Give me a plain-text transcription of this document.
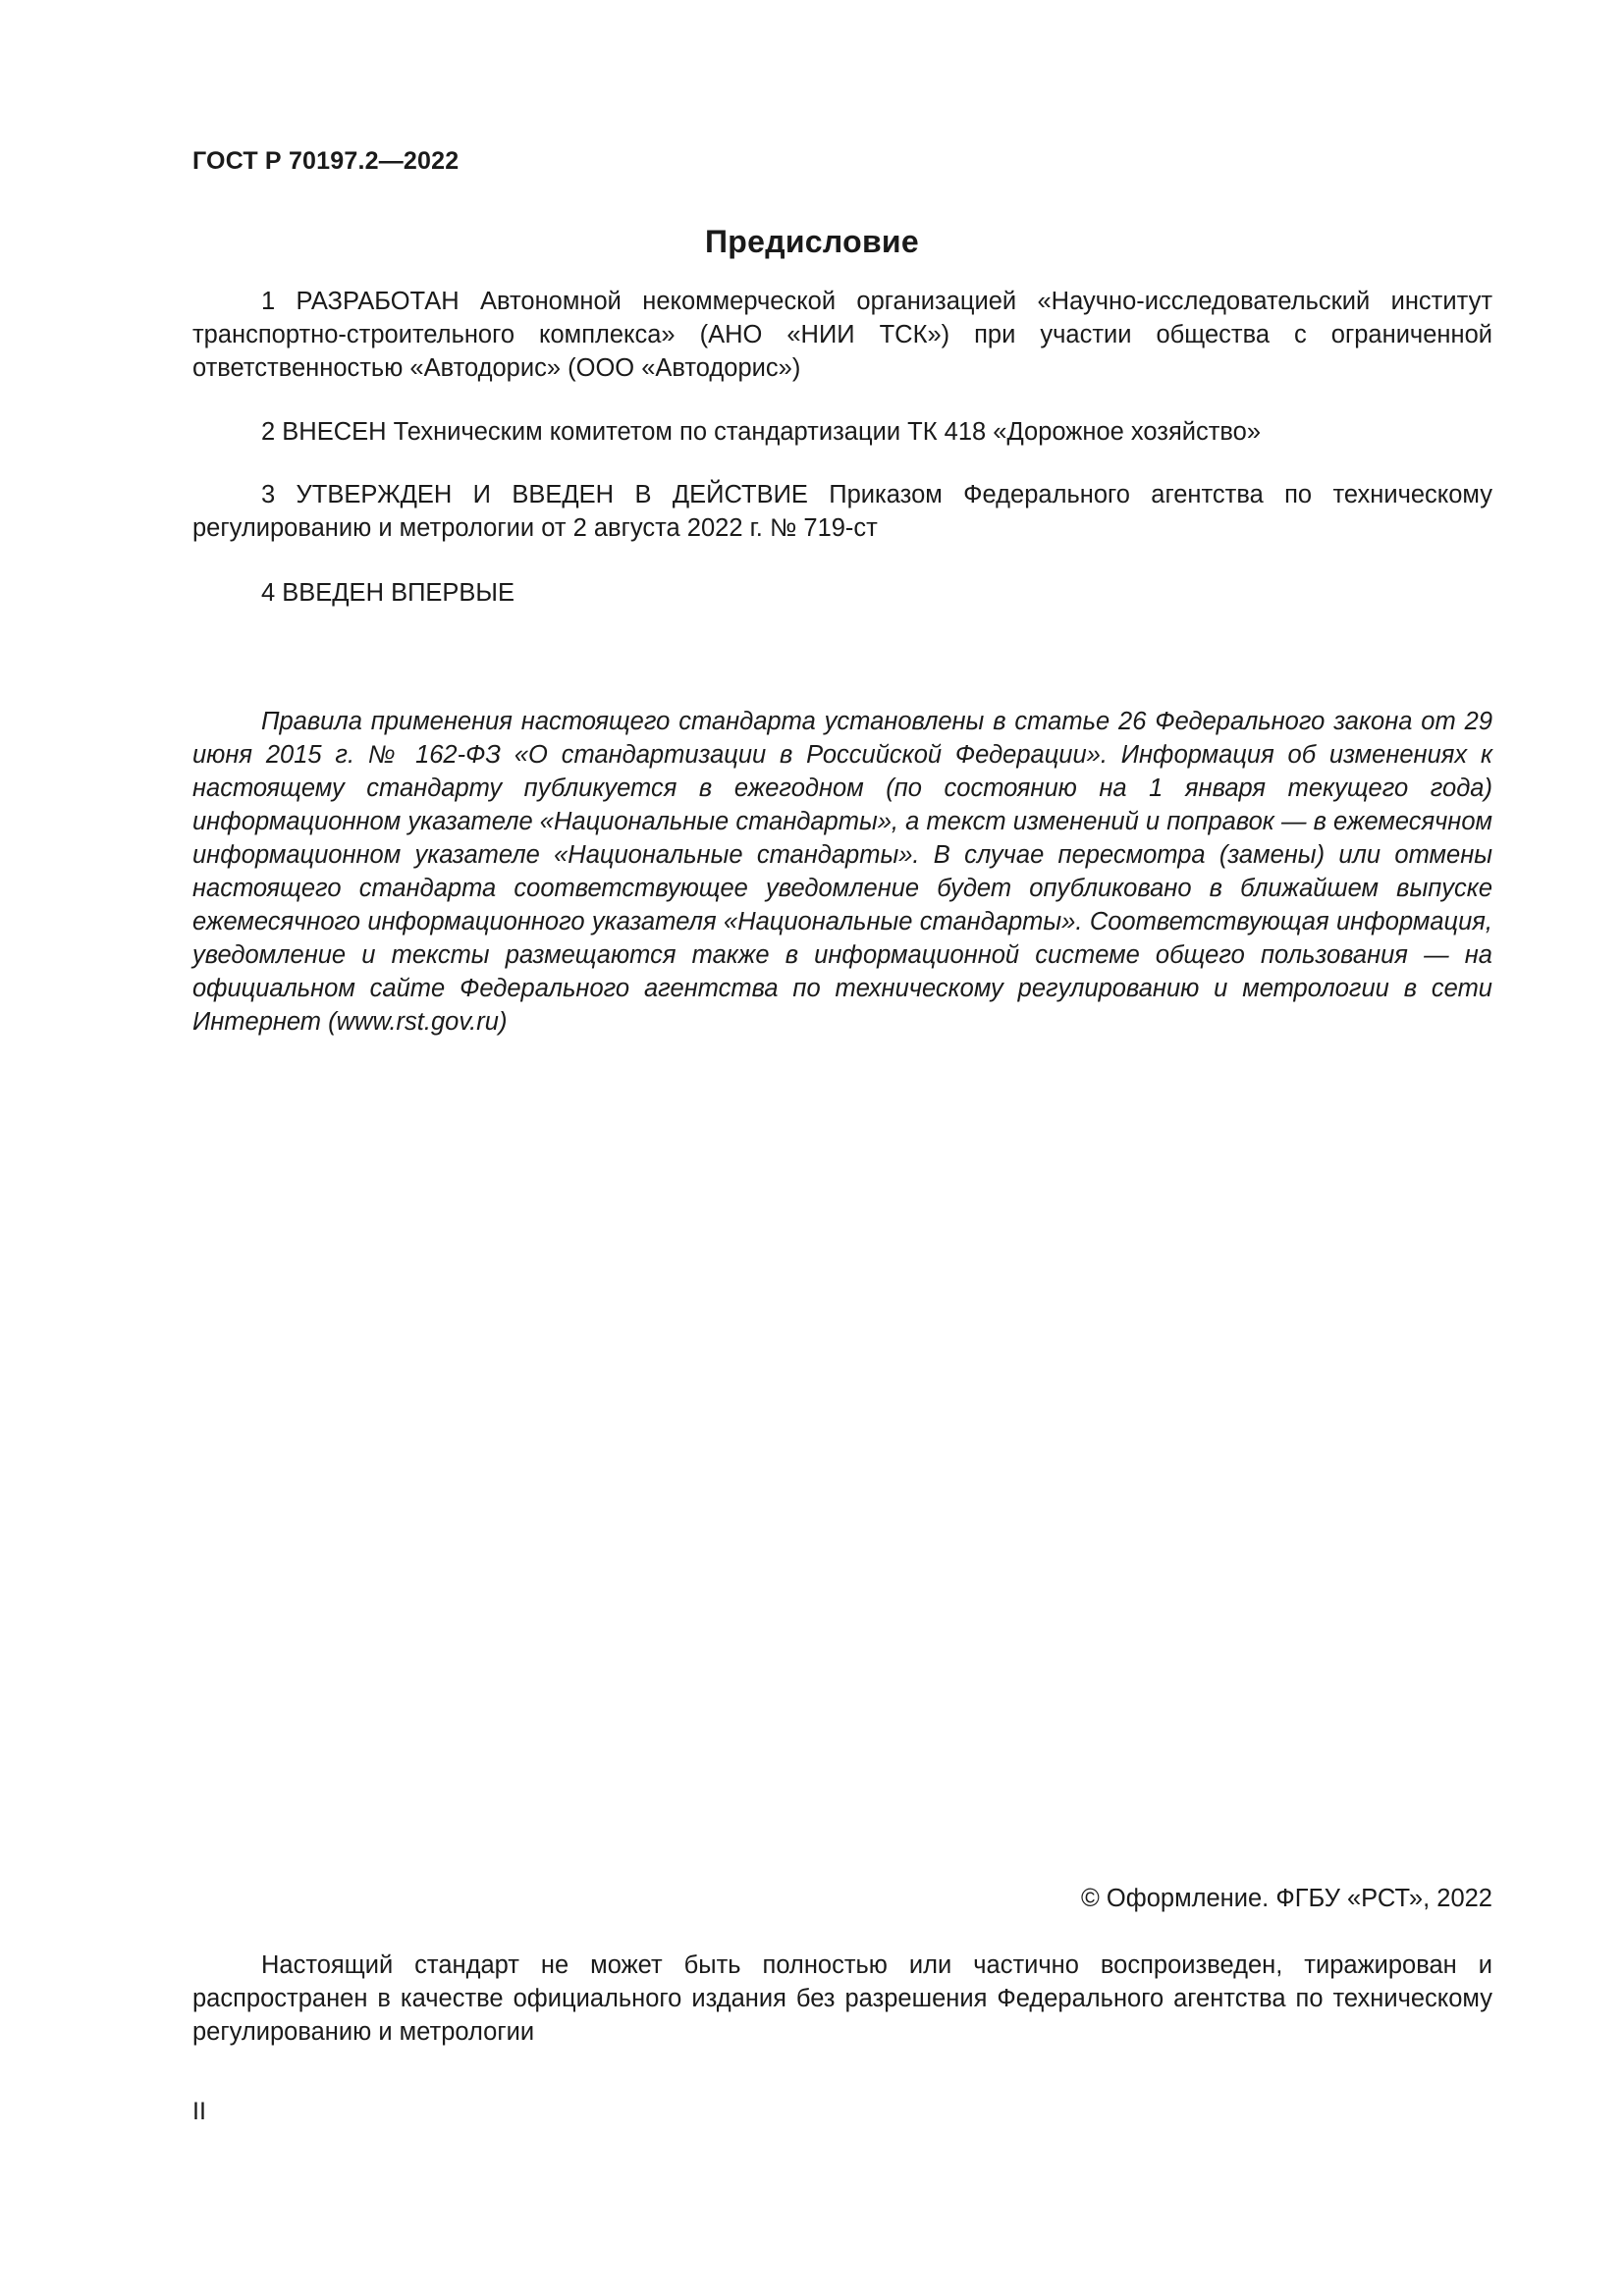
ГОСТ Р 70197.2—2022
Предисловие

1 РАЗРАБОТАН Автономной некоммерческой организацией «Научно-исследовательский институт транспортно-строительного комплекса» (АНО «НИИ ТСК») при участии общества с ограниченной ответственностью «Автодорис» (ООО «Автодорис»)

2 ВНЕСЕН Техническим комитетом по стандартизации ТК 418 «Дорожное хозяйство»

3 УТВЕРЖДЕН И ВВЕДЕН В ДЕЙСТВИЕ Приказом Федерального агентства по техническому регулированию и метрологии от 2 августа 2022 г. № 719-ст

4 ВВЕДЕН ВПЕРВЫЕ

Правила применения настоящего стандарта установлены в статье 26 Федерального закона от 29 июня 2015 г. № 162-ФЗ «О стандартизации в Российской Федерации». Информация об изменениях к настоящему стандарту публикуется в ежегодном (по состоянию на 1 января текущего года) информационном указателе «Национальные стандарты», а текст изменений и поправок — в ежемесячном информационном указателе «Национальные стандарты». В случае пересмотра (замены) или отмены настоящего стандарта соответствующее уведомление будет опубликовано в ближайшем выпуске ежемесячного информационного указателя «Национальные стандарты». Соответствующая информация, уведомление и тексты размещаются также в информационной системе общего пользования — на официальном сайте Федерального агентства по техническому регулированию и метрологии в сети Интернет (www.rst.gov.ru)

© Оформление. ФГБУ «РСТ», 2022

Настоящий стандарт не может быть полностью или частично воспроизведен, тиражирован и распространен в качестве официального издания без разрешения Федерального агентства по техническому регулированию и метрологии

II
